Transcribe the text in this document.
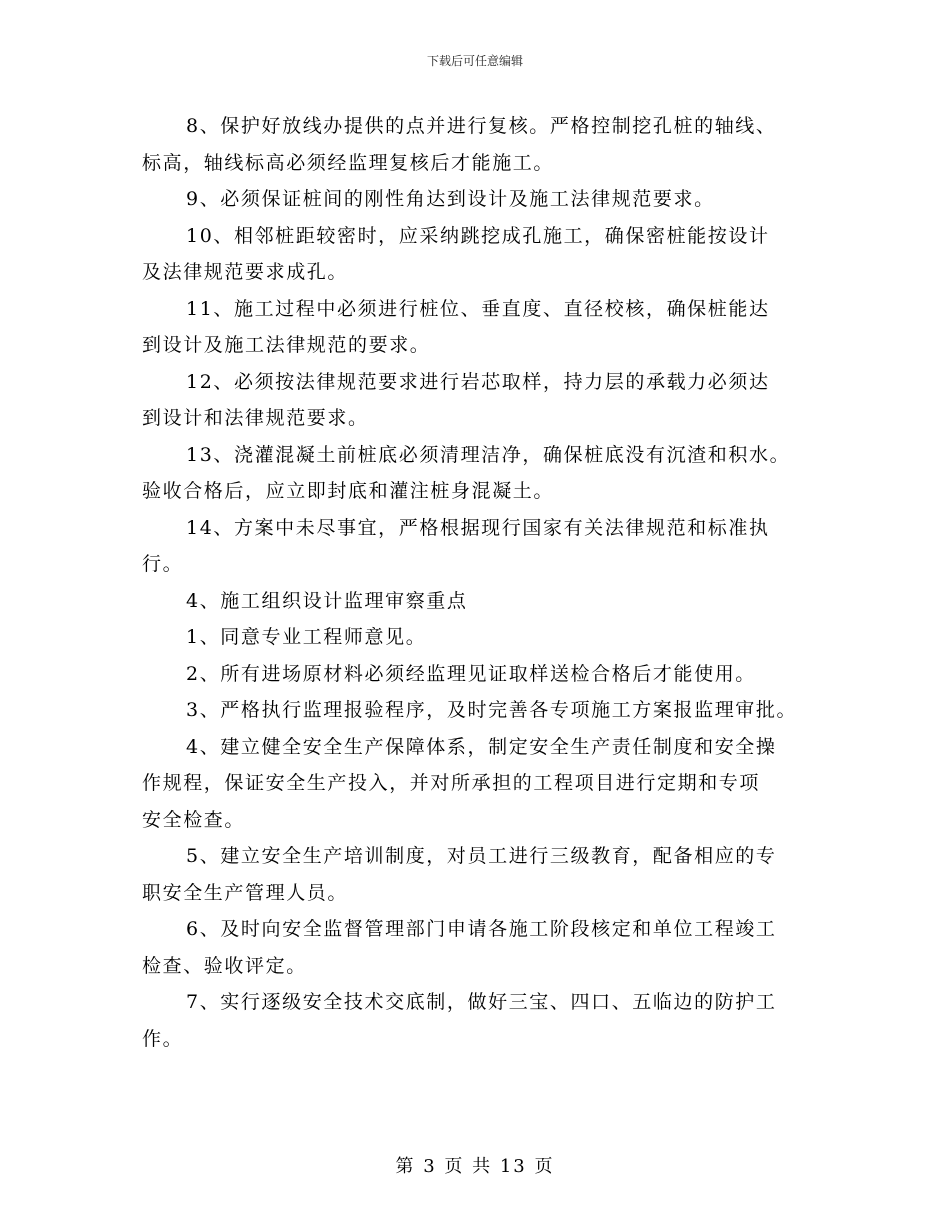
下载后可任意编辑

8、保护好放线办提供的点并进行复核。严格控制挖孔桩的轴线、
标高，轴线标高必须经监理复核后才能施工。

9、必须保证桩间的刚性角达到设计及施工法律规范要求。

10、相邻桩距较密时，应采纳跳挖成孔施工，确保密桩能按设计
及法律规范要求成孔。

11、施工过程中必须进行桩位、垂直度、直径校核，确保桩能达
到设计及施工法律规范的要求。

12、必须按法律规范要求进行岩芯取样，持力层的承载力必须达
到设计和法律规范要求。

13、浇灌混凝土前桩底必须清理洁净，确保桩底没有沉渣和积水。
验收合格后，应立即封底和灌注桩身混凝土。

14、方案中未尽事宜，严格根据现行国家有关法律规范和标准执
行。

4、施工组织设计监理审察重点

1、同意专业工程师意见。

2、所有进场原材料必须经监理见证取样送检合格后才能使用。

3、严格执行监理报验程序，及时完善各专项施工方案报监理审批。

4、建立健全安全生产保障体系，制定安全生产责任制度和安全操
作规程，保证安全生产投入，并对所承担的工程项目进行定期和专项
安全检查。

5、建立安全生产培训制度，对员工进行三级教育，配备相应的专
职安全生产管理人员。

6、及时向安全监督管理部门申请各施工阶段核定和单位工程竣工
检查、验收评定。

7、实行逐级安全技术交底制，做好三宝、四口、五临边的防护工
作。

第 3 页 共 13 页
